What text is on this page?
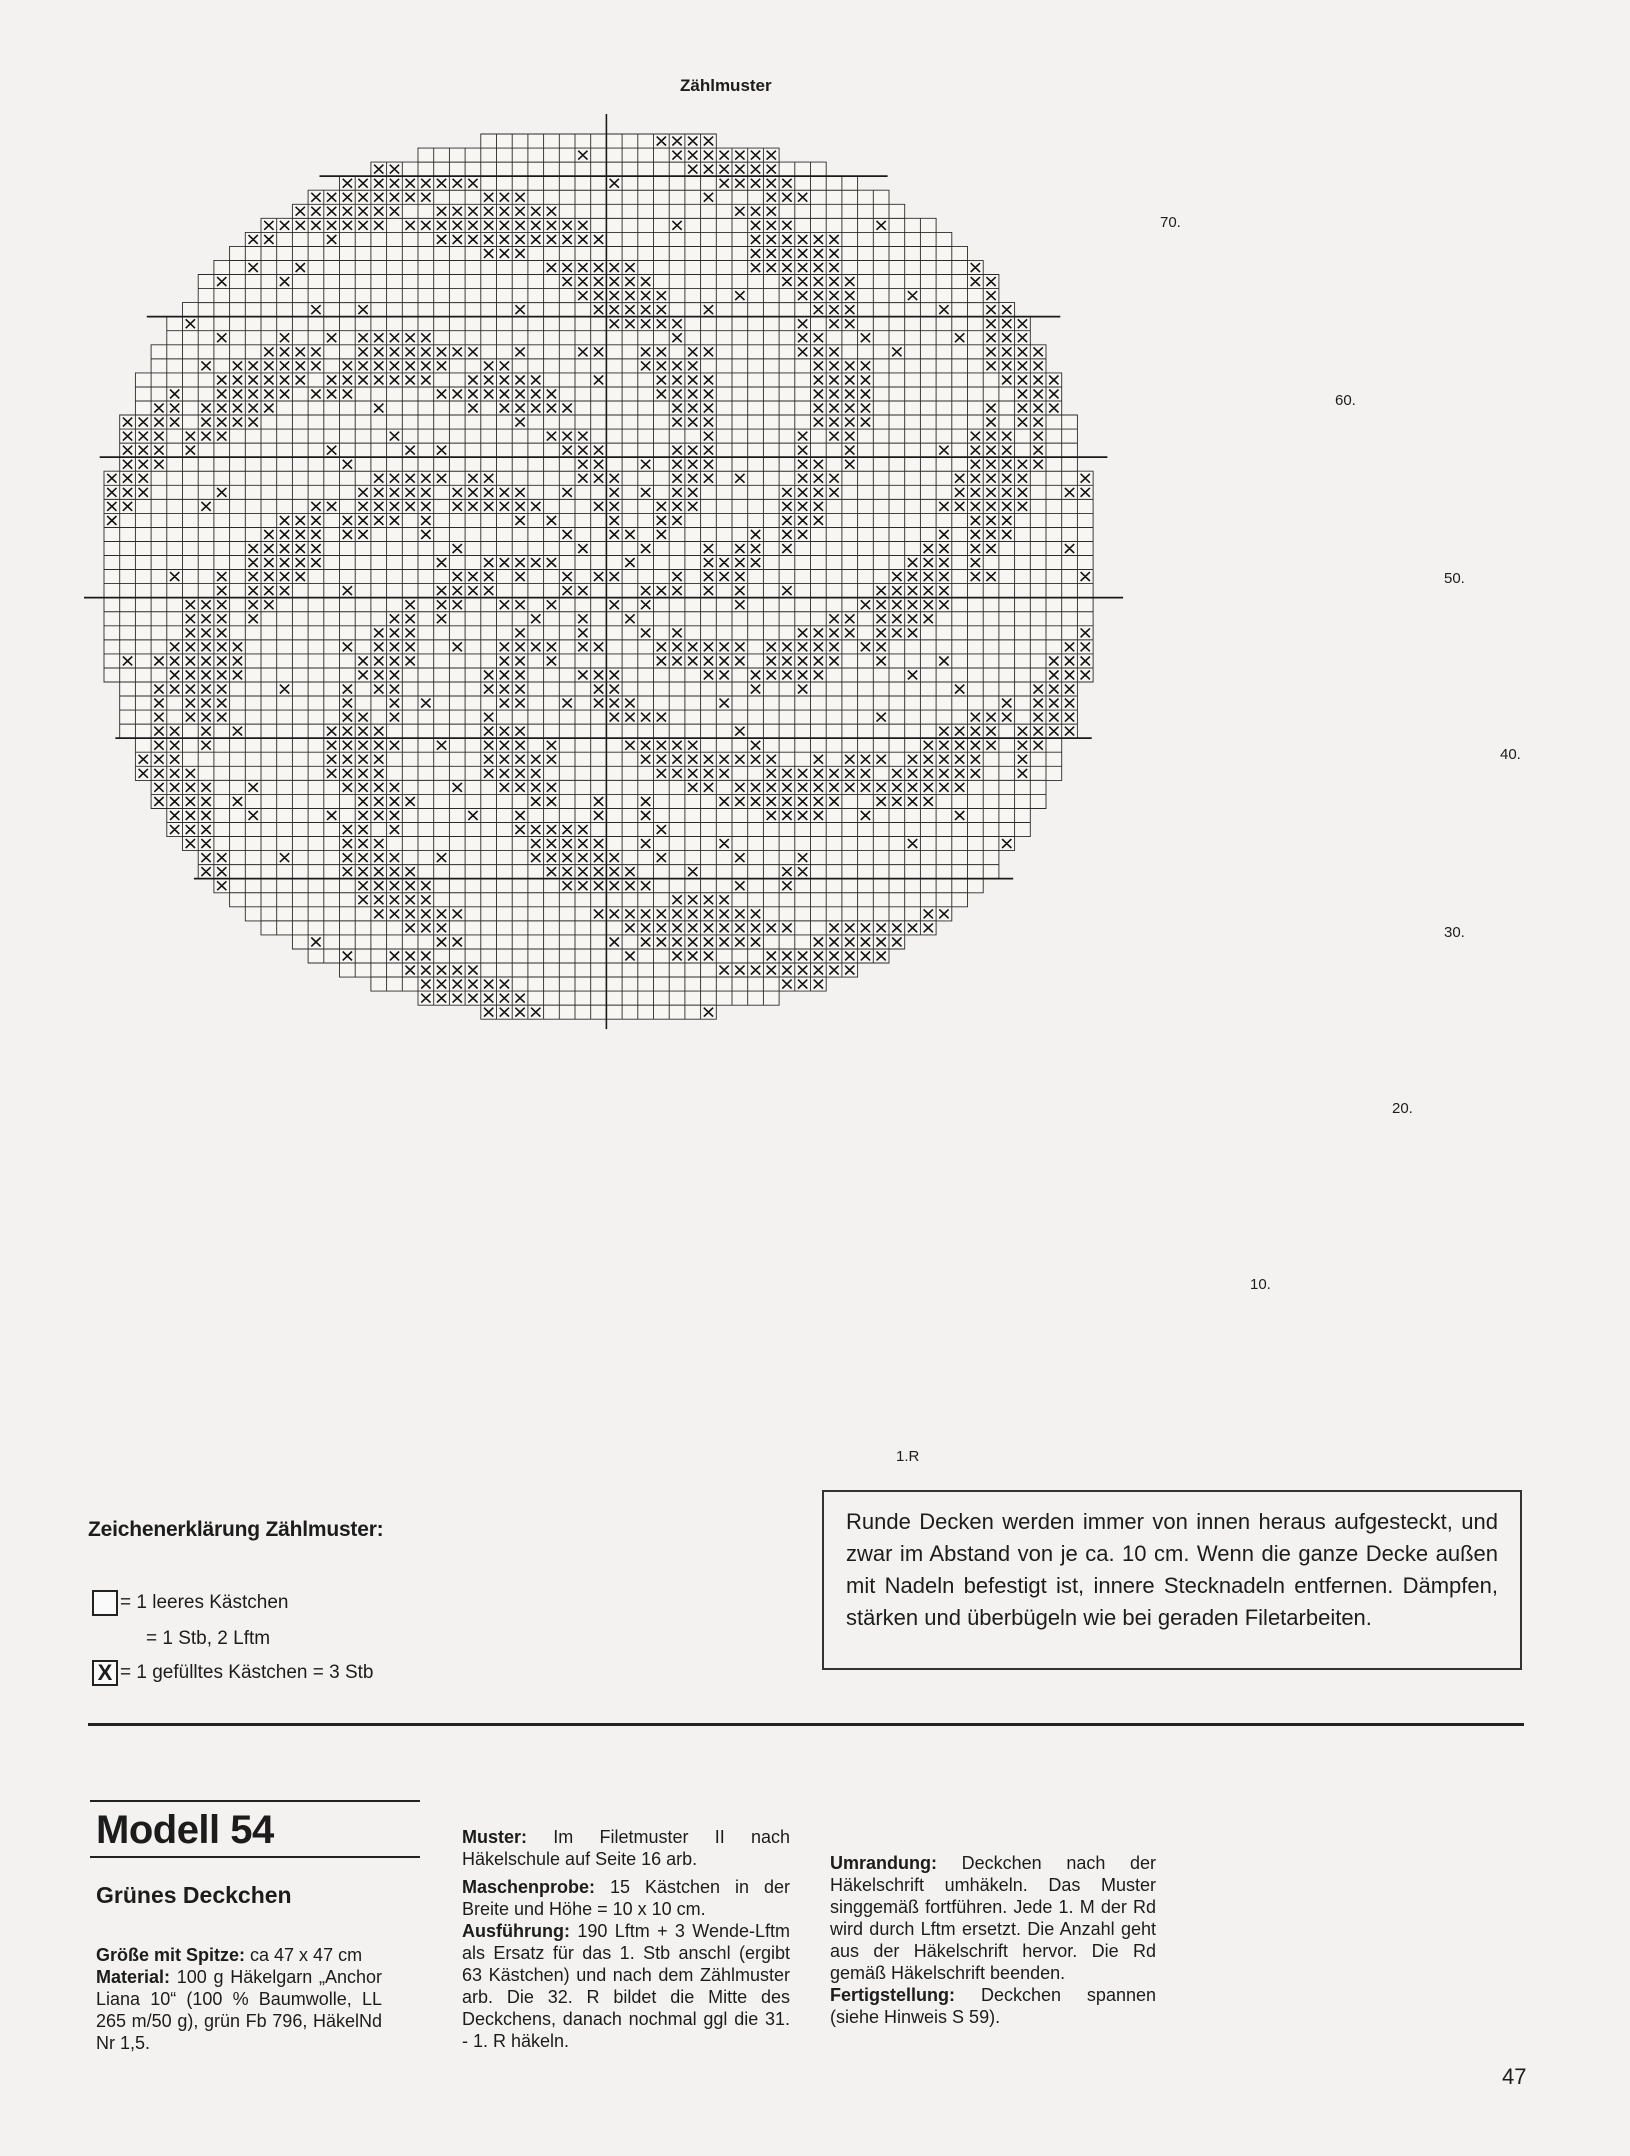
Zählmuster
70.
60.
50.
40.
30.
20.
10.
1.R
Zeichenerklärung Zählmuster:
= 1 leeres Kästchen
= 1 Stb, 2 Lftm
X = 1 gefülltes Kästchen = 3 Stb
Runde Decken werden immer von innen heraus aufgesteckt, und zwar im Abstand von je ca. 10 cm. Wenn die ganze Decke außen mit Nadeln befestigt ist, innere Stecknadeln entfernen. Dämpfen, stärken und überbügeln wie bei geraden Filetarbeiten.
Modell 54
Grünes Deckchen
Größe mit Spitze: ca 47 x 47 cm
Material: 100 g Häkelgarn „Anchor Liana 10“ (100 % Baumwolle, LL 265 m/50 g), grün Fb 796, HäkelNd Nr 1,5.
Muster: Im Filetmuster II nach Häkelschule auf Seite 16 arb.
Maschenprobe: 15 Kästchen in der Breite und Höhe = 10 x 10 cm.
Ausführung: 190 Lftm + 3 Wende-Lftm als Ersatz für das 1. Stb anschl (ergibt 63 Kästchen) und nach dem Zählmuster arb. Die 32. R bildet die Mitte des Deckchens, danach nochmal ggl die 31. - 1. R häkeln.
Umrandung: Deckchen nach der Häkelschrift umhäkeln. Das Muster singgemäß fortführen. Jede 1. M der Rd wird durch Lftm ersetzt. Die Anzahl geht aus der Häkelschrift hervor. Die Rd gemäß Häkelschrift beenden.
Fertigstellung: Deckchen spannen (siehe Hinweis S 59).
47
